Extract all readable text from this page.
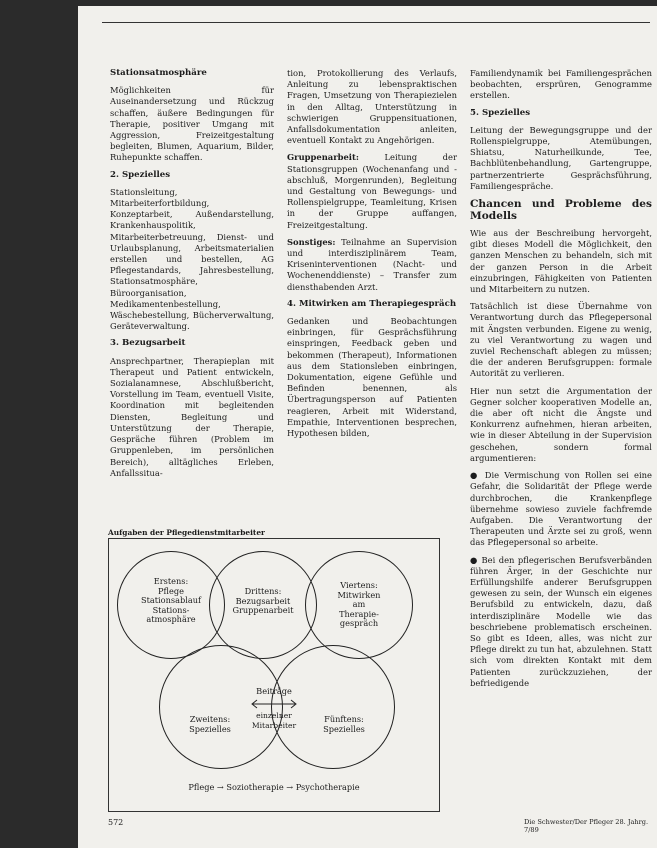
Stationsatmosphäre

Möglichkeiten für Auseinandersetzung und Rückzug schaffen, äußere Bedingungen für Therapie, positiver Umgang mit Aggression, Freizeitgestaltung begleiten, Blumen, Aquarium, Bilder, Ruhepunkte schaffen.

2. Spezielles

Stationsleitung, Mitarbeiterfortbildung, Konzeptarbeit, Außendarstellung, Krankenhauspolitik, Mitarbeiterbetreuung, Dienst- und Urlaubsplanung, Arbeitsmaterialien erstellen und bestellen, AG Pflegestandards, Jahresbestellung, Stationsatmosphäre, Büroorganisation, Medikamentenbestellung, Wäschebestellung, Bücherverwaltung, Geräteverwaltung.

3. Bezugsarbeit

Ansprechpartner, Therapieplan mit Therapeut und Patient entwickeln, Sozialanamnese, Abschlußbericht, Vorstellung im Team, eventuell Visite, Koordination mit begleitenden Diensten, Begleitung und Unterstützung der Therapie, Gespräche führen (Problem im Gruppenleben, im persönlichen Bereich), alltägliches Erleben, Anfallssitua-

tion, Protokollierung des Verlaufs, Anleitung zu lebenspraktischen Fragen, Umsetzung von Therapiezielen in den Alltag, Unterstützung in schwierigen Gruppensituationen, Anfallsdokumentation anleiten, eventuell Kontakt zu Angehörigen.

Gruppenarbeit: Leitung der Stationsgruppen (Wochenanfang und -abschluß, Morgenrunden), Begleitung und Gestaltung von Bewegungs- und Rollenspielgruppe, Teamleitung, Krisen in der Gruppe auffangen, Freizeitgestaltung.

Sonstiges: Teilnahme an Supervision und interdisziplinärem Team, Kriseninterventionen (Nacht- und Wochenenddienste) – Transfer zum diensthabenden Arzt.

4. Mitwirken am Therapiegespräch

Gedanken und Beobachtungen einbringen, für Gesprächsführung einspringen, Feedback geben und bekommen (Therapeut), Informationen aus dem Stationsleben einbringen, Dokumentation, eigene Gefühle und Befinden benennen, als Übertragungsperson auf Patienten reagieren, Arbeit mit Widerstand, Empathie, Interventionen besprechen, Hypothesen bilden,

Familiendynamik bei Familiengesprächen beobachten, ersprüren, Genogramme erstellen.

5. Spezielles

Leitung der Bewegungsgruppe und der Rollenspielgruppe, Atemübungen, Shiatsu, Naturheilkunde, Tee, Bachblütenbehandlung, Gartengruppe, partnerzentrierte Gesprächsführung, Familiengespräche.

Chancen und Probleme des Modells

Wie aus der Beschreibung hervorgeht, gibt dieses Modell die Möglichkeit, den ganzen Menschen zu behandeln, sich mit der ganzen Person in die Arbeit einzubringen, Fähigkeiten von Patienten und Mitarbeitern zu nutzen.

Tatsächlich ist diese Übernahme von Verantwortung durch das Pflegepersonal mit Ängsten verbunden. Eigene zu wenig, zu viel Verantwortung zu wagen und zuviel Rechenschaft ablegen zu müssen; die der anderen Berufsgruppen: formale Autorität zu verlieren.

Hier nun setzt die Argumentation der Gegner solcher kooperativen Modelle an, die aber oft nicht die Ängste und Konkurrenz aufnehmen, hieran arbeiten, wie in dieser Abteilung in der Supervision geschehen, sondern formal argumentieren:

● Die Vermischung von Rollen sei eine Gefahr, die Solidarität der Pflege werde durchbrochen, die Krankenpflege übernehme sowieso zuviele fachfremde Aufgaben. Die Verantwortung der Therapeuten und Ärzte sei zu groß, wenn das Pflegepersonal so arbeite.

● Bei den pflegerischen Berufsverbänden führen Ärger, in der Geschichte nur Erfüllungshilfe anderer Berufsgruppen gewesen zu sein, der Wunsch ein eigenes Berufsbild zu entwickeln, dazu, daß interdisziplinäre Modelle wie das beschriebene problematisch erscheinen. So gibt es Ideen, alles, was nicht zur Pflege direkt zu tun hat, abzulehnen. Statt sich vom direkten Kontakt mit dem Patienten zurückzuziehen, der befriedigende

Aufgaben der Pflegedienstmitarbeiter
Erstens:
Pflege
Stationsablauf
Stations-
atmosphäre
Drittens:
Bezugsarbeit
Gruppenarbeit
Viertens:
Mitwirken
am
Therapie-
gespräch
Zweitens:
Spezielles
Fünftens:
Spezielles
Beiträge
einzelner
Mitarbeiter
Pflege → Soziotherapie → Psychotherapie
572	Die Schwester/Der Pfleger 28. Jahrg. 7/89
